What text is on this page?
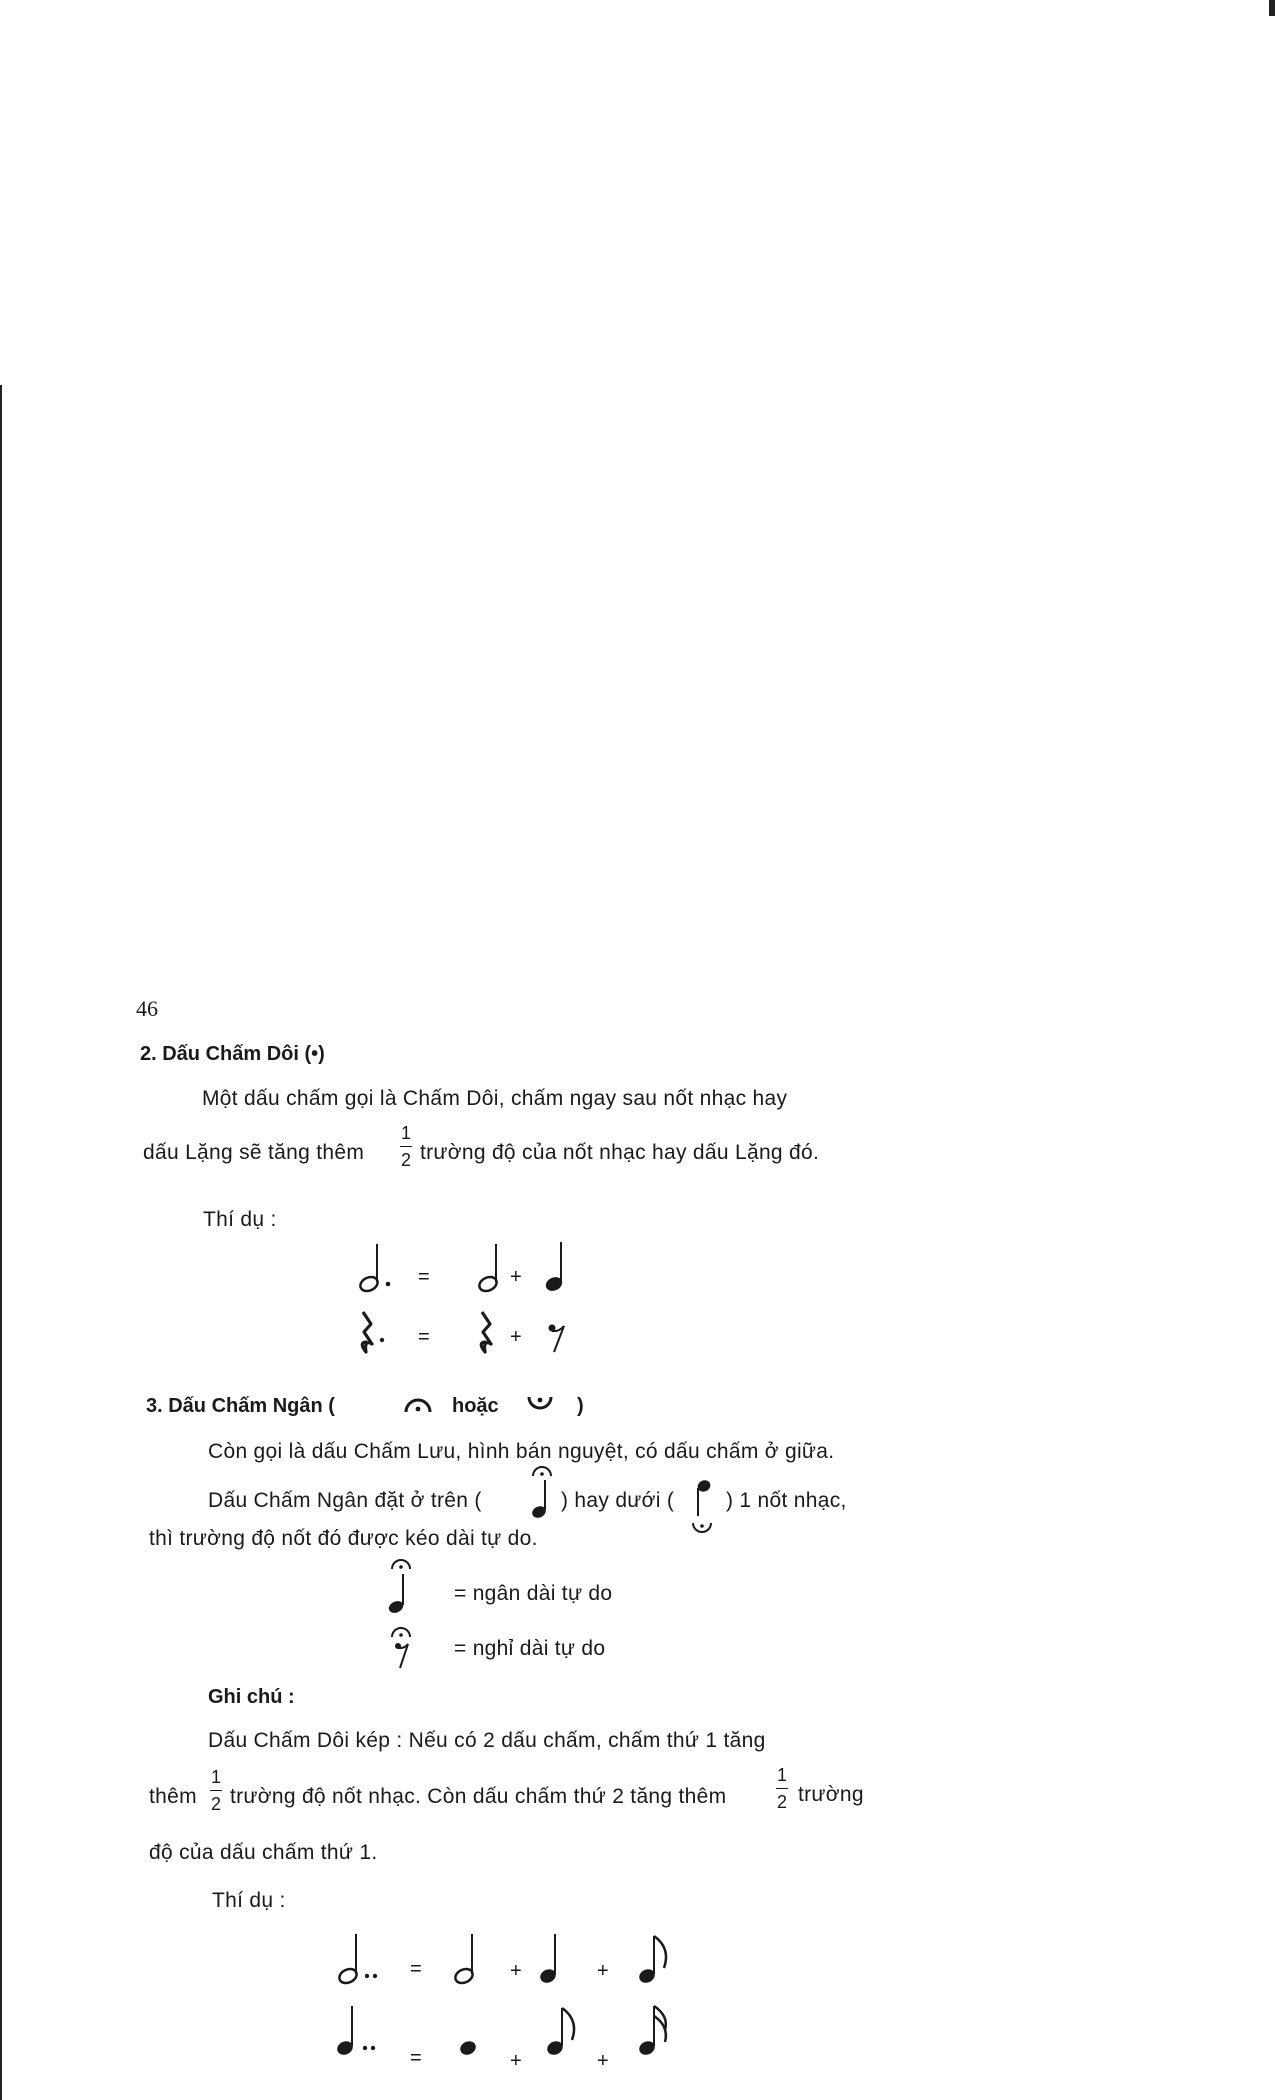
46
2. Dấu Chấm Dôi (•)
Một dấu chấm gọi là Chấm Dôi, chấm ngay sau nốt nhạc hay
dấu Lặng sẽ tăng thêm
1
2 trường độ của nốt nhạc hay dấu Lặng đó.
Thí dụ :
=	+
=	+
3. Dấu Chấm Ngân (	hoặc	)
Còn gọi là dấu Chấm Lưu, hình bán nguyệt, có dấu chấm ở giữa.
Dấu Chấm Ngân đặt ở trên (	) hay dưới ( ) 1 nốt nhạc,
thì trường độ nốt đó được kéo dài tự do.
= ngân dài tự do
= nghỉ dài tự do
Ghi chú :
Dấu Chấm Dôi kép : Nếu có 2 dấu chấm, chấm thứ 1 tăng
thêm
1
2 trường độ nốt nhạc. Còn dấu chấm thứ 2 tăng thêm
1
2 trường
độ của dấu chấm thứ 1.
Thí dụ :
=	+	+
=	+	+
